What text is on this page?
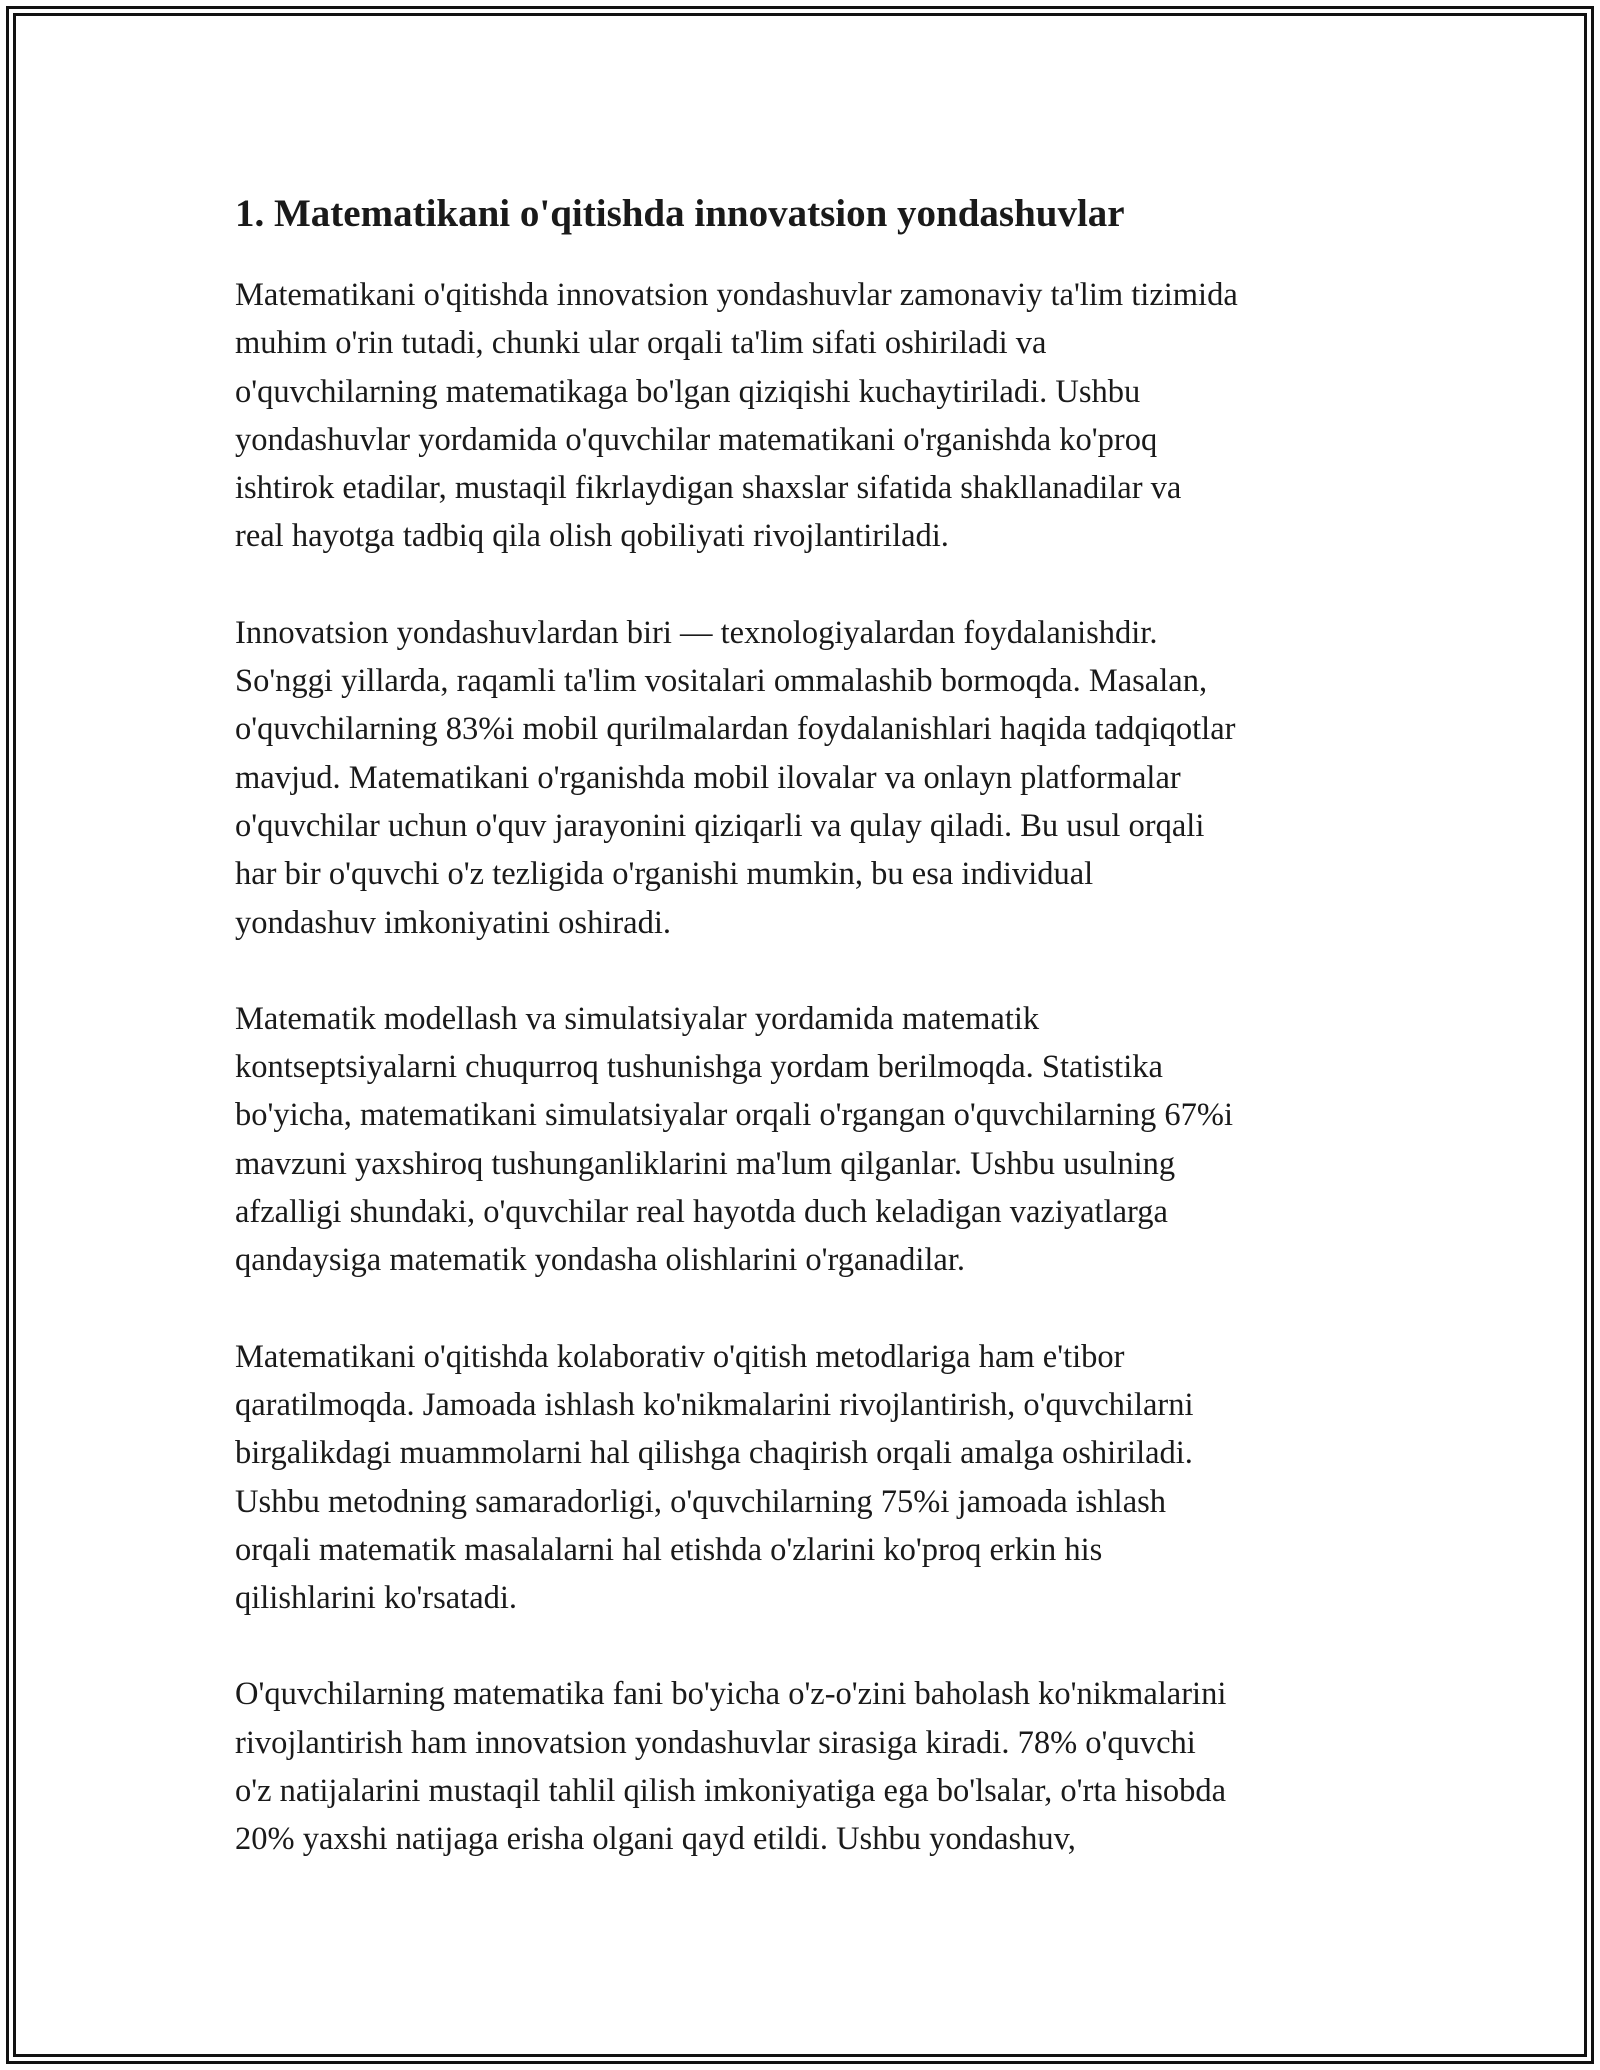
1. Matematikani o'qitishda innovatsion yondashuvlar

Matematikani o'qitishda innovatsion yondashuvlar zamonaviy ta'lim tizimida
muhim o'rin tutadi, chunki ular orqali ta'lim sifati oshiriladi va
o'quvchilarning matematikaga bo'lgan qiziqishi kuchaytiriladi. Ushbu
yondashuvlar yordamida o'quvchilar matematikani o'rganishda ko'proq
ishtirok etadilar, mustaqil fikrlaydigan shaxslar sifatida shakllanadilar va
real hayotga tadbiq qila olish qobiliyati rivojlantiriladi.

Innovatsion yondashuvlardan biri — texnologiyalardan foydalanishdir.
So'nggi yillarda, raqamli ta'lim vositalari ommalashib bormoqda. Masalan,
o'quvchilarning 83%i mobil qurilmalardan foydalanishlari haqida tadqiqotlar
mavjud. Matematikani o'rganishda mobil ilovalar va onlayn platformalar
o'quvchilar uchun o'quv jarayonini qiziqarli va qulay qiladi. Bu usul orqali
har bir o'quvchi o'z tezligida o'rganishi mumkin, bu esa individual
yondashuv imkoniyatini oshiradi.

Matematik modellash va simulatsiyalar yordamida matematik
kontseptsiyalarni chuqurroq tushunishga yordam berilmoqda. Statistika
bo'yicha, matematikani simulatsiyalar orqali o'rgangan o'quvchilarning 67%i
mavzuni yaxshiroq tushunganliklarini ma'lum qilganlar. Ushbu usulning
afzalligi shundaki, o'quvchilar real hayotda duch keladigan vaziyatlarga
qandaysiga matematik yondasha olishlarini o'rganadilar.

Matematikani o'qitishda kolaborativ o'qitish metodlariga ham e'tibor
qaratilmoqda. Jamoada ishlash ko'nikmalarini rivojlantirish, o'quvchilarni
birgalikdagi muammolarni hal qilishga chaqirish orqali amalga oshiriladi.
Ushbu metodning samaradorligi, o'quvchilarning 75%i jamoada ishlash
orqali matematik masalalarni hal etishda o'zlarini ko'proq erkin his
qilishlarini ko'rsatadi.

O'quvchilarning matematika fani bo'yicha o'z-o'zini baholash ko'nikmalarini
rivojlantirish ham innovatsion yondashuvlar sirasiga kiradi. 78% o'quvchi
o'z natijalarini mustaqil tahlil qilish imkoniyatiga ega bo'lsalar, o'rta hisobda
20% yaxshi natijaga erisha olgani qayd etildi. Ushbu yondashuv,
